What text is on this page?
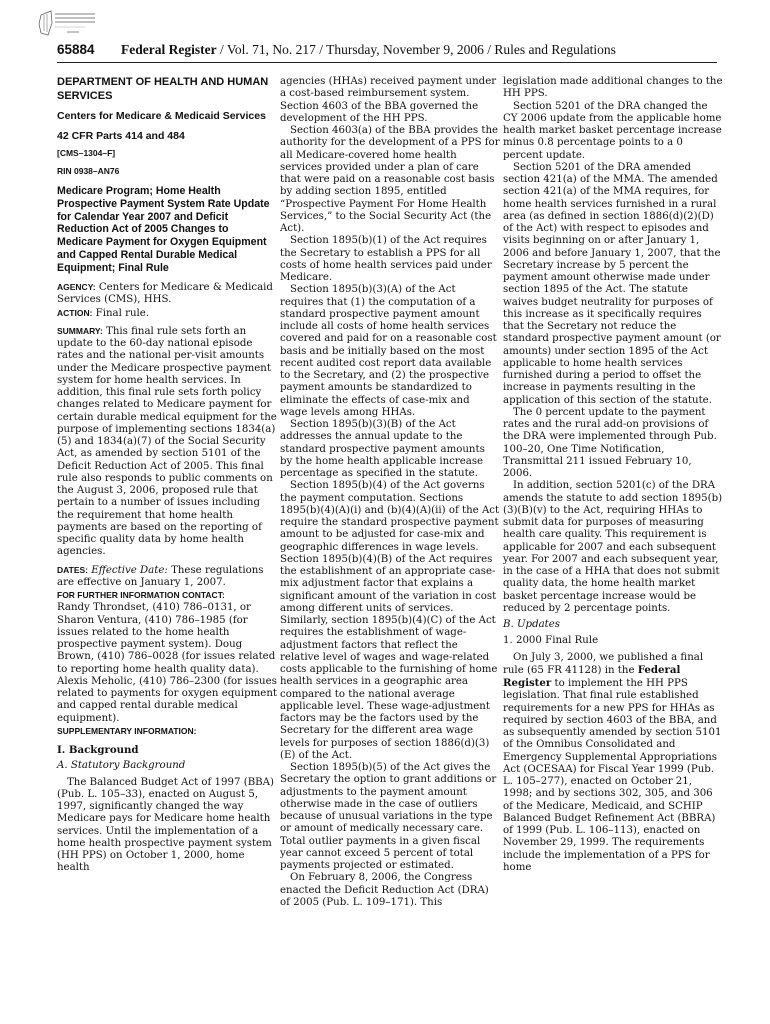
65884 Federal Register / Vol. 71, No. 217 / Thursday, November 9, 2006 / Rules and Regulations

DEPARTMENT OF HEALTH AND HUMAN SERVICES

Centers for Medicare & Medicaid Services

42 CFR Parts 414 and 484

[CMS–1304–F]

RIN 0938–AN76

Medicare Program; Home Health Prospective Payment System Rate Update for Calendar Year 2007 and Deficit Reduction Act of 2005 Changes to Medicare Payment for Oxygen Equipment and Capped Rental Durable Medical Equipment; Final Rule

AGENCY: Centers for Medicare & Medicaid Services (CMS), HHS.

ACTION: Final rule.

SUMMARY: This final rule sets forth an update to the 60-day national episode rates and the national per-visit amounts under the Medicare prospective payment system for home health services. In addition, this final rule sets forth policy changes related to Medicare payment for certain durable medical equipment for the purpose of implementing sections 1834(a)(5) and 1834(a)(7) of the Social Security Act, as amended by section 5101 of the Deficit Reduction Act of 2005. This final rule also responds to public comments on the August 3, 2006, proposed rule that pertain to a number of issues including the requirement that home health payments are based on the reporting of specific quality data by home health agencies.

DATES: Effective Date: These regulations are effective on January 1, 2007.

FOR FURTHER INFORMATION CONTACT:

Randy Throndset, (410) 786–0131, or Sharon Ventura, (410) 786–1985 (for issues related to the home health prospective payment system). Doug Brown, (410) 786–0028 (for issues related to reporting home health quality data). Alexis Meholic, (410) 786–2300 (for issues related to payments for oxygen equipment and capped rental durable medical equipment).

SUPPLEMENTARY INFORMATION:

I. Background

A. Statutory Background

The Balanced Budget Act of 1997 (BBA) (Pub. L. 105–33), enacted on August 5, 1997, significantly changed the way Medicare pays for Medicare home health services. Until the implementation of a home health prospective payment system (HH PPS) on October 1, 2000, home health

agencies (HHAs) received payment under a cost-based reimbursement system. Section 4603 of the BBA governed the development of the HH PPS.

Section 4603(a) of the BBA provides the authority for the development of a PPS for all Medicare-covered home health services provided under a plan of care that were paid on a reasonable cost basis by adding section 1895, entitled “Prospective Payment For Home Health Services,” to the Social Security Act (the Act).

Section 1895(b)(1) of the Act requires the Secretary to establish a PPS for all costs of home health services paid under Medicare.

Section 1895(b)(3)(A) of the Act requires that (1) the computation of a standard prospective payment amount include all costs of home health services covered and paid for on a reasonable cost basis and be initially based on the most recent audited cost report data available to the Secretary, and (2) the prospective payment amounts be standardized to eliminate the effects of case-mix and wage levels among HHAs.

Section 1895(b)(3)(B) of the Act addresses the annual update to the standard prospective payment amounts by the home health applicable increase percentage as specified in the statute.

Section 1895(b)(4) of the Act governs the payment computation. Sections 1895(b)(4)(A)(i) and (b)(4)(A)(ii) of the Act require the standard prospective payment amount to be adjusted for case-mix and geographic differences in wage levels. Section 1895(b)(4)(B) of the Act requires the establishment of an appropriate case-mix adjustment factor that explains a significant amount of the variation in cost among different units of services. Similarly, section 1895(b)(4)(C) of the Act requires the establishment of wage-adjustment factors that reflect the relative level of wages and wage-related costs applicable to the furnishing of home health services in a geographic area compared to the national average applicable level. These wage-adjustment factors may be the factors used by the Secretary for the different area wage levels for purposes of section 1886(d)(3)(E) of the Act.

Section 1895(b)(5) of the Act gives the Secretary the option to grant additions or adjustments to the payment amount otherwise made in the case of outliers because of unusual variations in the type or amount of medically necessary care. Total outlier payments in a given fiscal year cannot exceed 5 percent of total payments projected or estimated.

On February 8, 2006, the Congress enacted the Deficit Reduction Act (DRA) of 2005 (Pub. L. 109–171). This

legislation made additional changes to the HH PPS.

Section 5201 of the DRA changed the CY 2006 update from the applicable home health market basket percentage increase minus 0.8 percentage points to a 0 percent update.

Section 5201 of the DRA amended section 421(a) of the MMA. The amended section 421(a) of the MMA requires, for home health services furnished in a rural area (as defined in section 1886(d)(2)(D) of the Act) with respect to episodes and visits beginning on or after January 1, 2006 and before January 1, 2007, that the Secretary increase by 5 percent the payment amount otherwise made under section 1895 of the Act. The statute waives budget neutrality for purposes of this increase as it specifically requires that the Secretary not reduce the standard prospective payment amount (or amounts) under section 1895 of the Act applicable to home health services furnished during a period to offset the increase in payments resulting in the application of this section of the statute.

The 0 percent update to the payment rates and the rural add-on provisions of the DRA were implemented through Pub. 100–20, One Time Notification, Transmittal 211 issued February 10, 2006.

In addition, section 5201(c) of the DRA amends the statute to add section 1895(b)(3)(B)(v) to the Act, requiring HHAs to submit data for purposes of measuring health care quality. This requirement is applicable for 2007 and each subsequent year. For 2007 and each subsequent year, in the case of a HHA that does not submit quality data, the home health market basket percentage increase would be reduced by 2 percentage points.

B. Updates

1. 2000 Final Rule

On July 3, 2000, we published a final rule (65 FR 41128) in the Federal Register to implement the HH PPS legislation. That final rule established requirements for a new PPS for HHAs as required by section 4603 of the BBA, and as subsequently amended by section 5101 of the Omnibus Consolidated and Emergency Supplemental Appropriations Act (OCESAA) for Fiscal Year 1999 (Pub. L. 105–277), enacted on October 21, 1998; and by sections 302, 305, and 306 of the Medicare, Medicaid, and SCHIP Balanced Budget Refinement Act (BBRA) of 1999 (Pub. L. 106–113), enacted on November 29, 1999. The requirements include the implementation of a PPS for home
